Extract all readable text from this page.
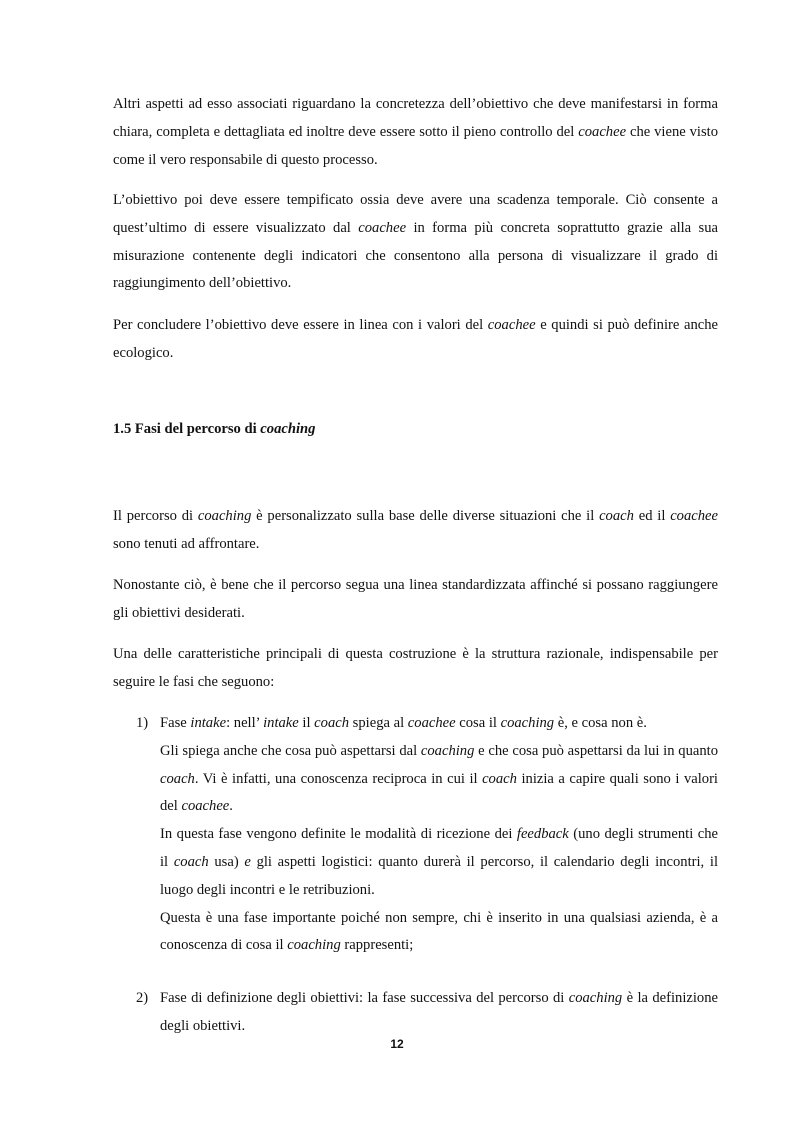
Altri aspetti ad esso associati riguardano la concretezza dell’obiettivo che deve manifestarsi in forma chiara, completa e dettagliata ed inoltre deve essere sotto il pieno controllo del coachee che viene visto come il vero responsabile di questo processo.

L’obiettivo poi deve essere tempificato ossia deve avere una scadenza temporale. Ciò consente a quest’ultimo di essere visualizzato dal coachee in forma più concreta soprattutto grazie alla sua misurazione contenente degli indicatori che consentono alla persona di visualizzare il grado di raggiungimento dell’obiettivo.

Per concludere l’obiettivo deve essere in linea con i valori del coachee e quindi si può definire anche ecologico.

1.5 Fasi del percorso di coaching

Il percorso di coaching è personalizzato sulla base delle diverse situazioni che il coach ed il coachee sono tenuti ad affrontare.

Nonostante ciò, è bene che il percorso segua una linea standardizzata affinché si possano raggiungere gli obiettivi desiderati.

Una delle caratteristiche principali di questa costruzione è la struttura razionale, indispensabile per seguire le fasi che seguono:

1) Fase intake: nell’ intake il coach spiega al coachee cosa il coaching è, e cosa non è.

Gli spiega anche che cosa può aspettarsi dal coaching e che cosa può aspettarsi da lui in quanto coach. Vi è infatti, una conoscenza reciproca in cui il coach inizia a capire quali sono i valori del coachee.

In questa fase vengono definite le modalità di ricezione dei feedback (uno degli strumenti che il coach usa) e gli aspetti logistici: quanto durerà il percorso, il calendario degli incontri, il luogo degli incontri e le retribuzioni.

Questa è una fase importante poiché non sempre, chi è inserito in una qualsiasi azienda, è a conoscenza di cosa il coaching rappresenti;

2) Fase di definizione degli obiettivi: la fase successiva del percorso di coaching è la definizione degli obiettivi.

12
